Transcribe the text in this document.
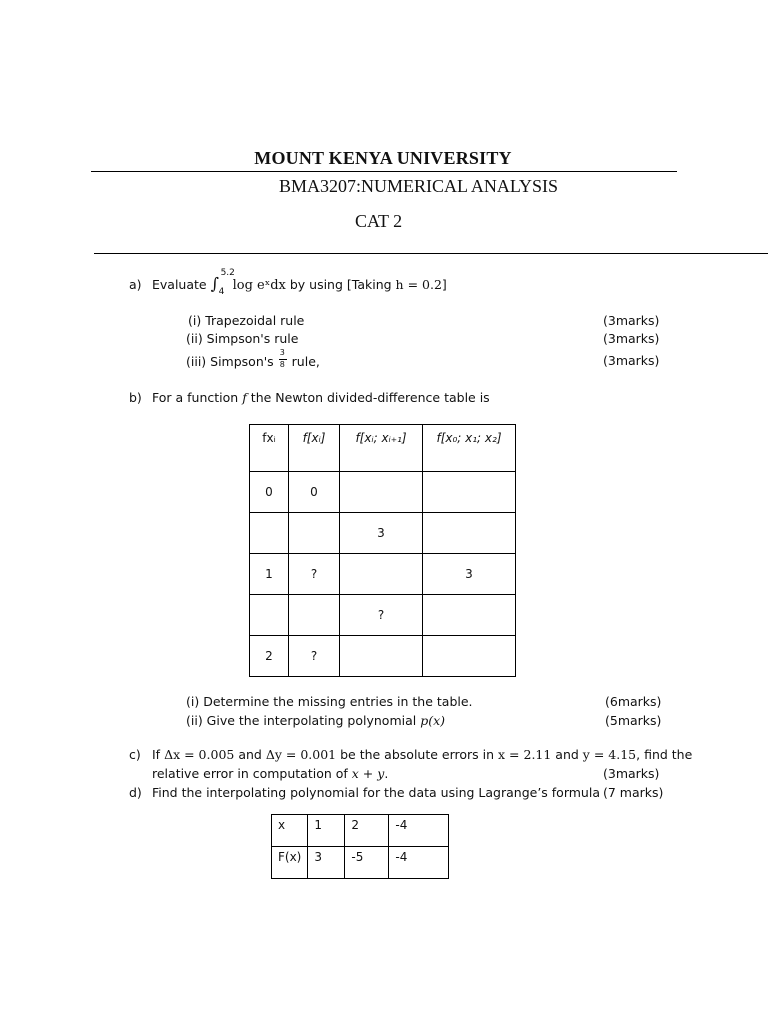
MOUNT KENYA UNIVERSITY
BMA3207:NUMERICAL ANALYSIS
CAT 2
a) Evaluate ∫
5.2
4 log eˣdx by using [Taking h = 0.2]
(i) Trapezoidal rule	(3marks)
(ii) Simpson's rule	(3marks)
(iii) Simpson's $\frac{3}{8}$ rule,	(3marks)
b) For a function f the Newton divided-difference table is
fxᵢ	f[xᵢ]	f[xᵢ; xᵢ₊₁]	f[x₀; x₁; x₂]
0	0		
		3	
1	?		3
		?	
2	?		
(i) Determine the missing entries in the table.	(6marks)
(ii) Give the interpolating polynomial p(x)	(5marks)
c) If Δx = 0.005 and Δy = 0.001 be the absolute errors in x = 2.11 and y = 4.15, find the
relative error in computation of x + y.	(3marks)
d) Find the interpolating polynomial for the data using Lagrange’s formula (7 marks)
x	1	2	-4
F(x)	3	-5	-4
